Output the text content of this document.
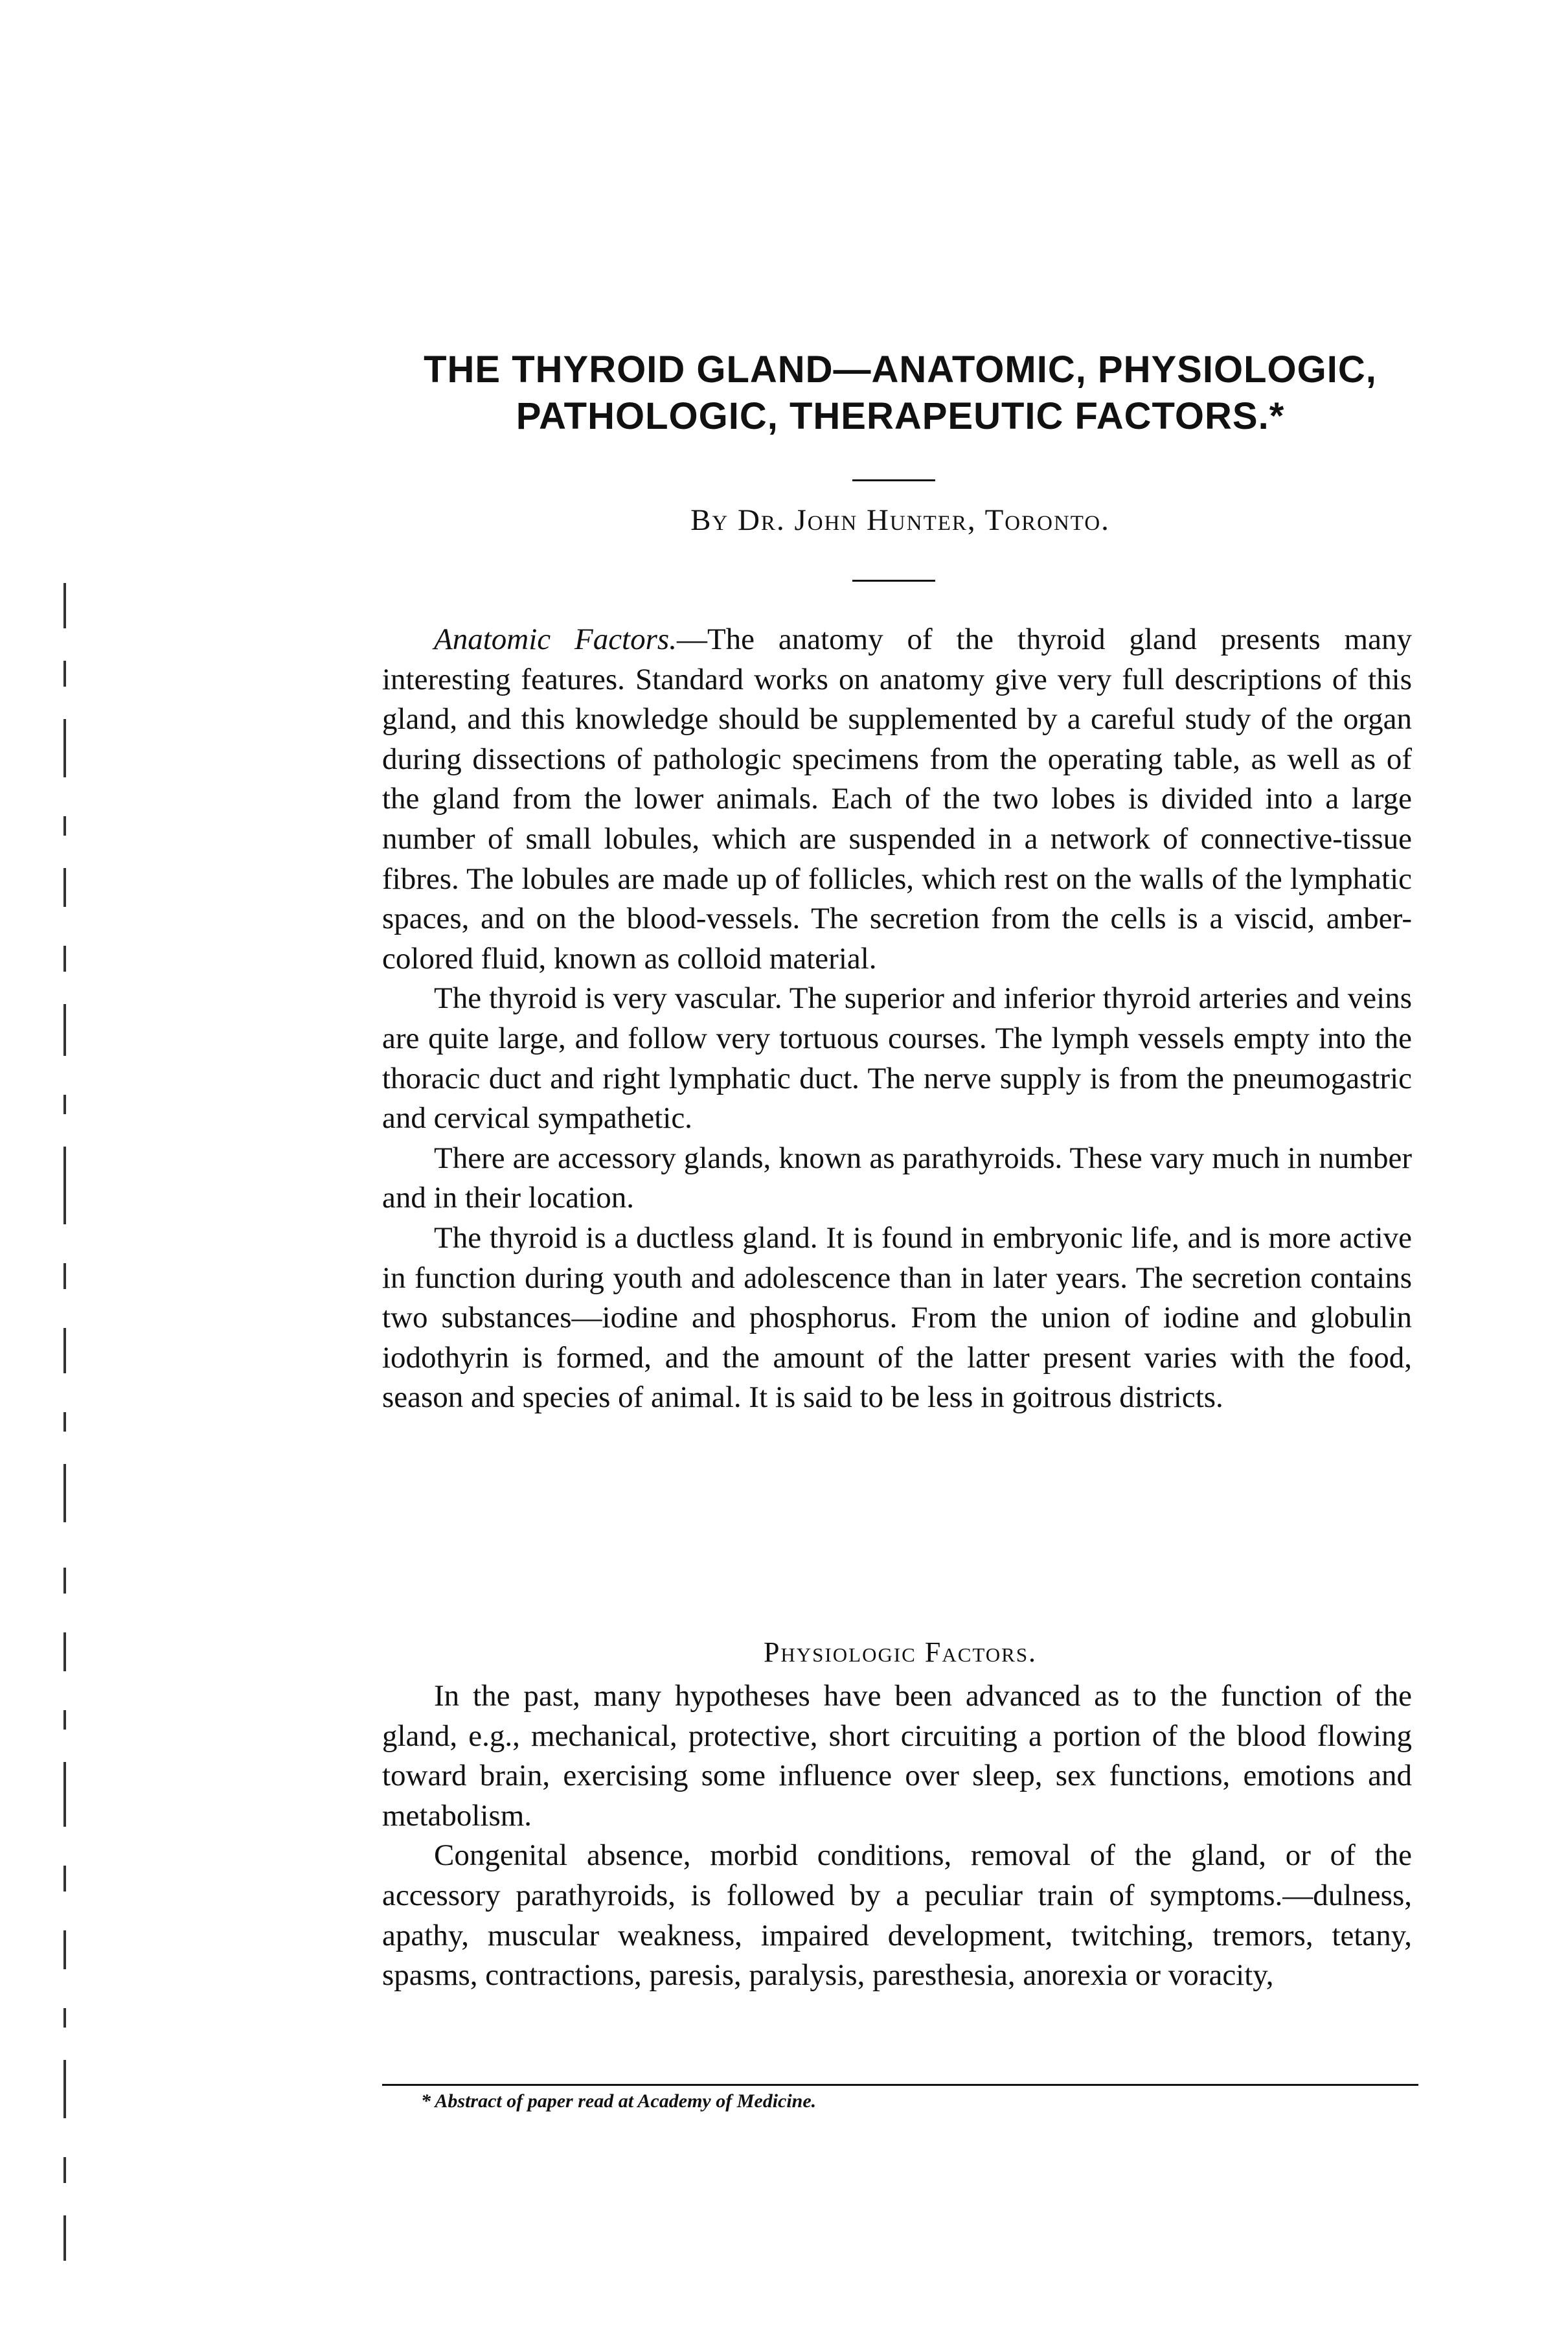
THE THYROID GLAND—ANATOMIC, PHYSIOLOGIC,
PATHOLOGIC, THERAPEUTIC FACTORS.*
By Dr. John Hunter, Toronto.

Anatomic Factors.—The anatomy of the thyroid gland presents many interesting features. Standard works on anatomy give very full descriptions of this gland, and this knowledge should be supplemented by a careful study of the organ during dissections of pathologic specimens from the operating table, as well as of the gland from the lower animals. Each of the two lobes is divided into a large number of small lobules, which are suspended in a network of connective-tissue fibres. The lobules are made up of follicles, which rest on the walls of the lymphatic spaces, and on the blood-vessels. The secretion from the cells is a viscid, amber-colored fluid, known as colloid material.

The thyroid is very vascular. The superior and inferior thyroid arteries and veins are quite large, and follow very tortuous courses. The lymph vessels empty into the thoracic duct and right lymphatic duct. The nerve supply is from the pneumogastric and cervical sympathetic.

There are accessory glands, known as parathyroids. These vary much in number and in their location.

The thyroid is a ductless gland. It is found in embryonic life, and is more active in function during youth and adolescence than in later years. The secretion contains two substances—iodine and phosphorus. From the union of iodine and globulin iodothyrin is formed, and the amount of the latter present varies with the food, season and species of animal. It is said to be less in goitrous districts.

Physiologic Factors.

In the past, many hypotheses have been advanced as to the function of the gland, e.g., mechanical, protective, short circuiting a portion of the blood flowing toward brain, exercising some influence over sleep, sex functions, emotions and metabolism.

Congenital absence, morbid conditions, removal of the gland, or of the accessory parathyroids, is followed by a peculiar train of symptoms.—dulness, apathy, muscular weakness, impaired development, twitching, tremors, tetany, spasms, contractions, paresis, paralysis, paresthesia, anorexia or voracity,

* Abstract of paper read at Academy of Medicine.
